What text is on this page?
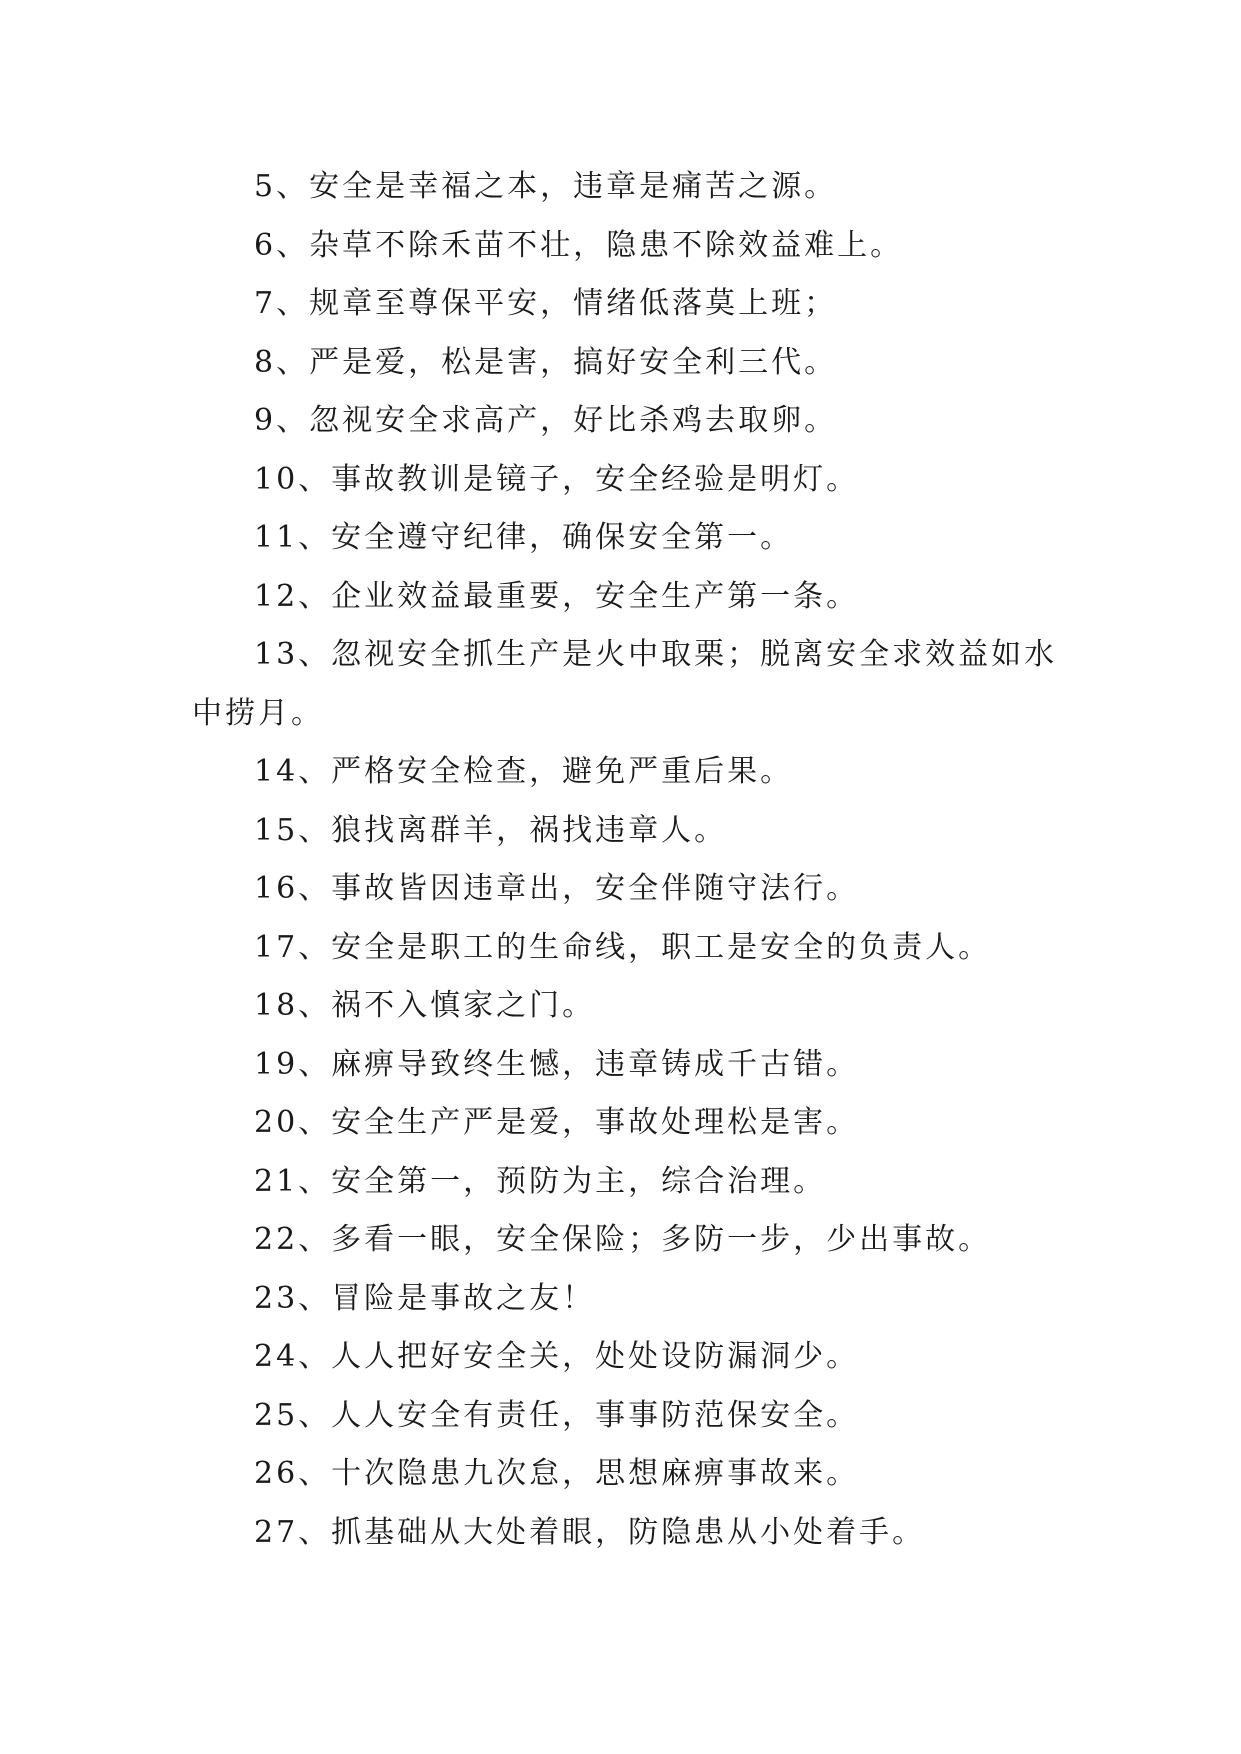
5、安全是幸福之本，违章是痛苦之源。

6、杂草不除禾苗不壮，隐患不除效益难上。

7、规章至尊保平安，情绪低落莫上班；

8、严是爱，松是害，搞好安全利三代。

9、忽视安全求高产，好比杀鸡去取卵。

10、事故教训是镜子，安全经验是明灯。

11、安全遵守纪律，确保安全第一。

12、企业效益最重要，安全生产第一条。

13、忽视安全抓生产是火中取栗；脱离安全求效益如水中捞月。

14、严格安全检查，避免严重后果。

15、狼找离群羊，祸找违章人。

16、事故皆因违章出，安全伴随守法行。

17、安全是职工的生命线，职工是安全的负责人。

18、祸不入慎家之门。

19、麻痹导致终生憾，违章铸成千古错。

20、安全生产严是爱，事故处理松是害。

21、安全第一，预防为主，综合治理。

22、多看一眼，安全保险；多防一步，少出事故。

23、冒险是事故之友！

24、人人把好安全关，处处设防漏洞少。

25、人人安全有责任，事事防范保安全。

26、十次隐患九次怠，思想麻痹事故来。

27、抓基础从大处着眼，防隐患从小处着手。
